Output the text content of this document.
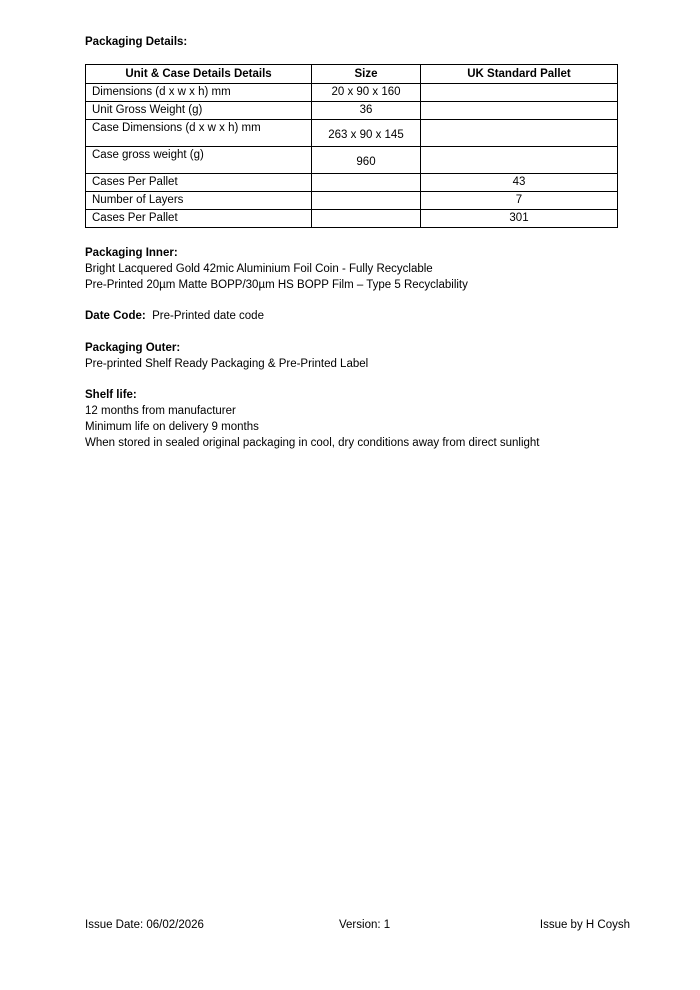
Packaging Details:
Unit & Case Details Details	Size	UK Standard Pallet
Dimensions (d x w x h) mm	20 x 90 x 160	
Unit Gross Weight (g)	36	
Case Dimensions (d x w x h) mm	263 x 90 x 145	
Case gross weight (g)	960	
Cases Per Pallet		43
Number of Layers		7
Cases Per Pallet		301
Packaging Inner:
Bright Lacquered Gold 42mic Aluminium Foil Coin - Fully Recyclable
Pre-Printed 20µm Matte BOPP/30µm HS BOPP Film – Type 5 Recyclability
Date Code: Pre-Printed date code
Packaging Outer:
Pre-printed Shelf Ready Packaging & Pre-Printed Label
Shelf life:
12 months from manufacturer
Minimum life on delivery 9 months
When stored in sealed original packaging in cool, dry conditions away from direct sunlight
Issue Date: 06/02/2026	Version: 1	Issue by H Coysh
